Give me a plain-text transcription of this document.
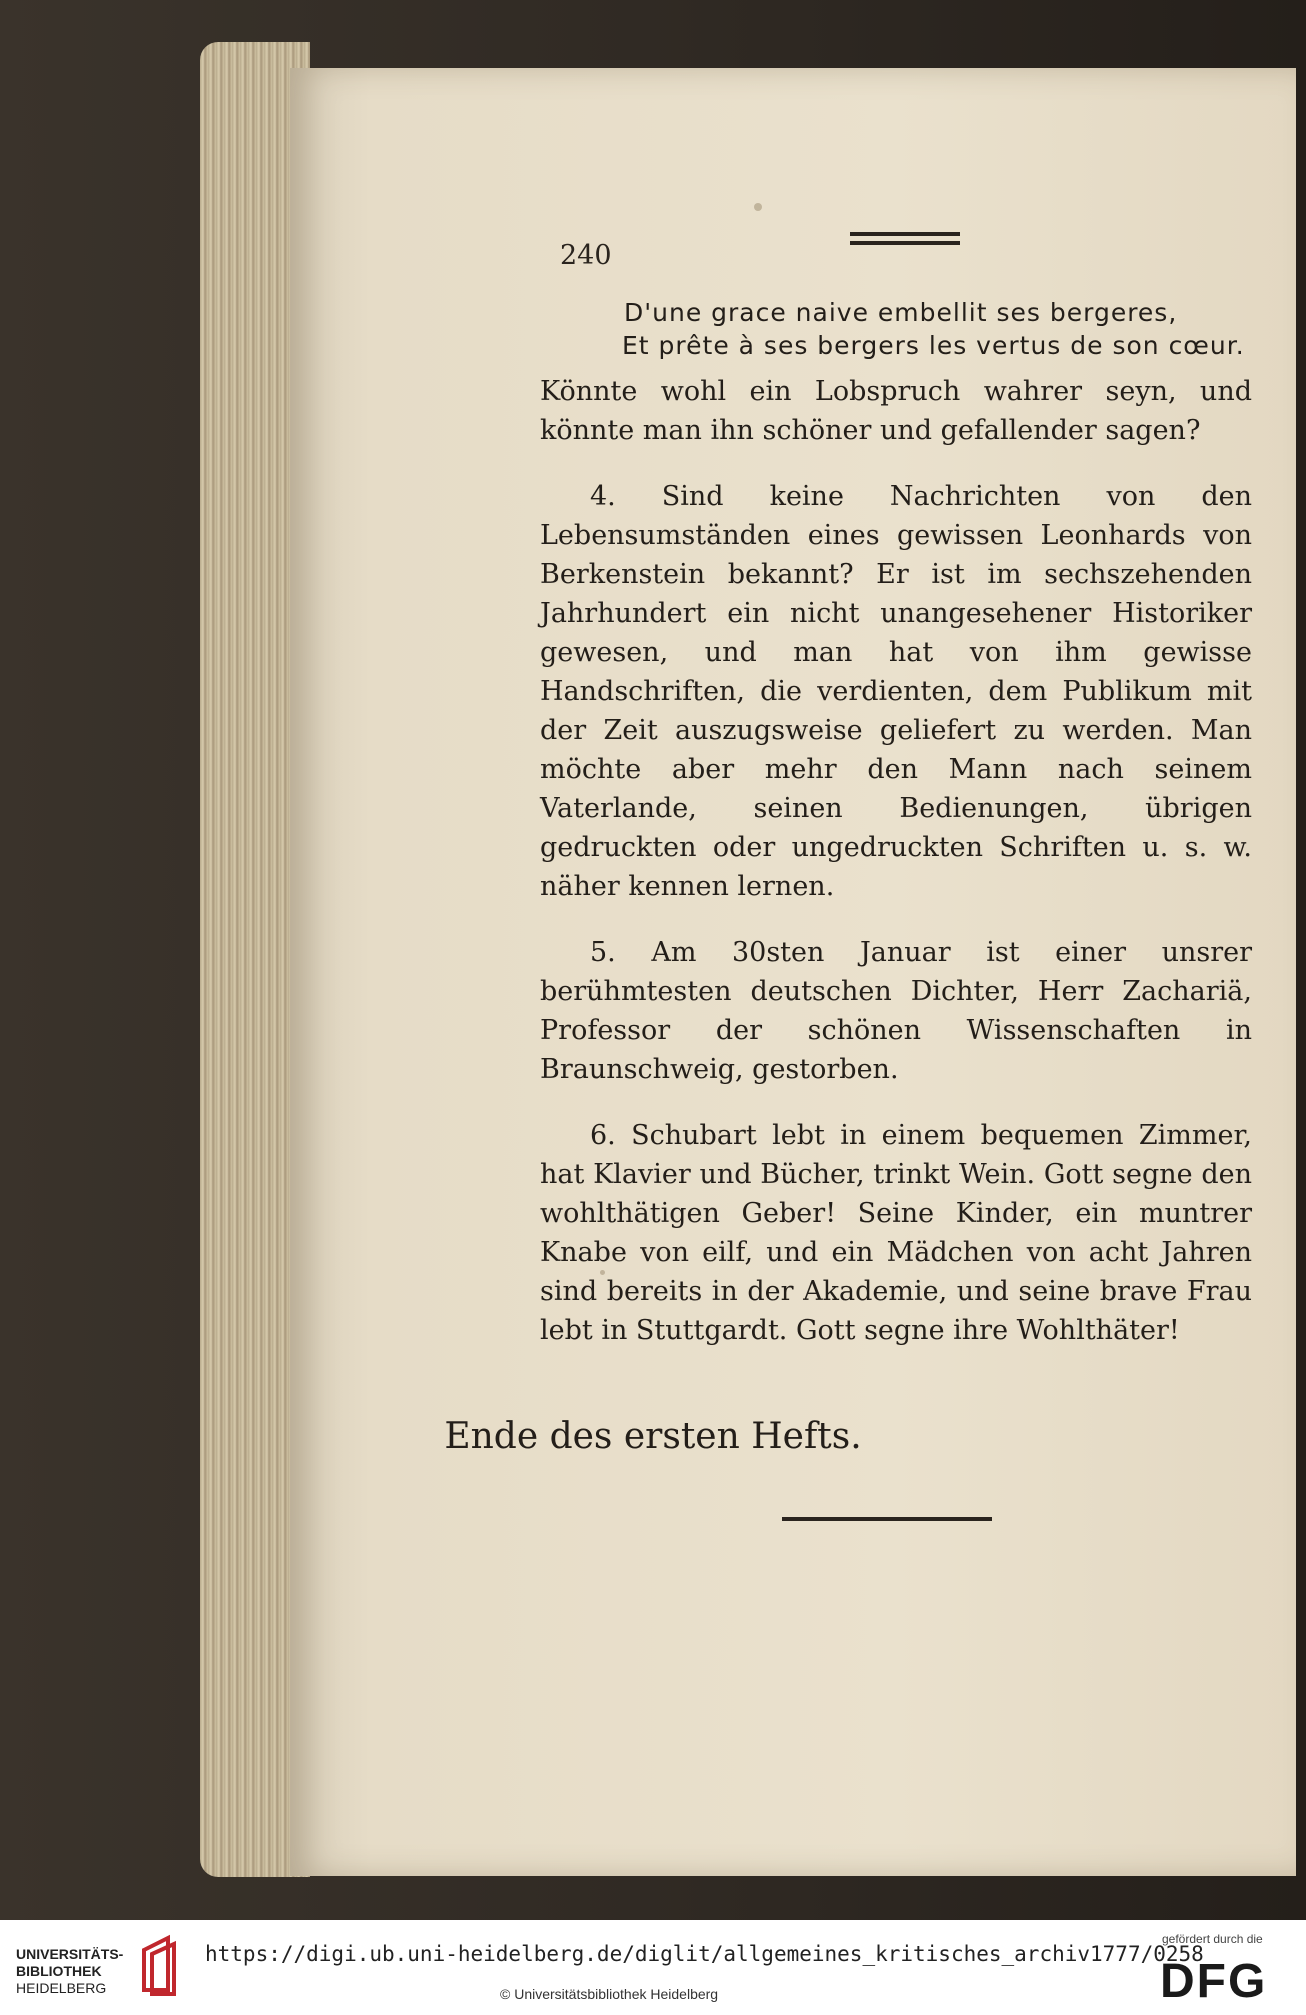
240
D'une grace naive embellit ses bergeres,
Et prête à ses bergers les vertus de son cœur.

Könnte wohl ein Lobspruch wahrer seyn, und könnte man ihn schöner und gefallender sagen?

4. Sind keine Nachrichten von den Lebensumständen eines gewissen Leonhards von Berkenstein bekannt? Er ist im sechszehenden Jahrhundert ein nicht unangesehener Historiker gewesen, und man hat von ihm gewisse Handschriften, die verdienten, dem Publikum mit der Zeit auszugsweise geliefert zu werden. Man möchte aber mehr den Mann nach seinem Vaterlande, seinen Bedienungen, übrigen gedruckten oder ungedruckten Schriften u. s. w. näher kennen lernen.

5. Am 30sten Januar ist einer unsrer berühmtesten deutschen Dichter, Herr Zachariä, Professor der schönen Wissenschaften in Braunschweig, gestorben.

6. Schubart lebt in einem bequemen Zimmer, hat Klavier und Bücher, trinkt Wein. Gott segne den wohlthätigen Geber! Seine Kinder, ein muntrer Knabe von eilf, und ein Mädchen von acht Jahren sind bereits in der Akademie, und seine brave Frau lebt in Stuttgardt. Gott segne ihre Wohlthäter!

Ende des ersten Hefts.
UNIVERSITÄTS-
BIBLIOTHEK
HEIDELBERG
https://digi.ub.uni-heidelberg.de/diglit/allgemeines_kritisches_archiv1777/0258
© Universitätsbibliothek Heidelberg
gefördert durch die
DFG
